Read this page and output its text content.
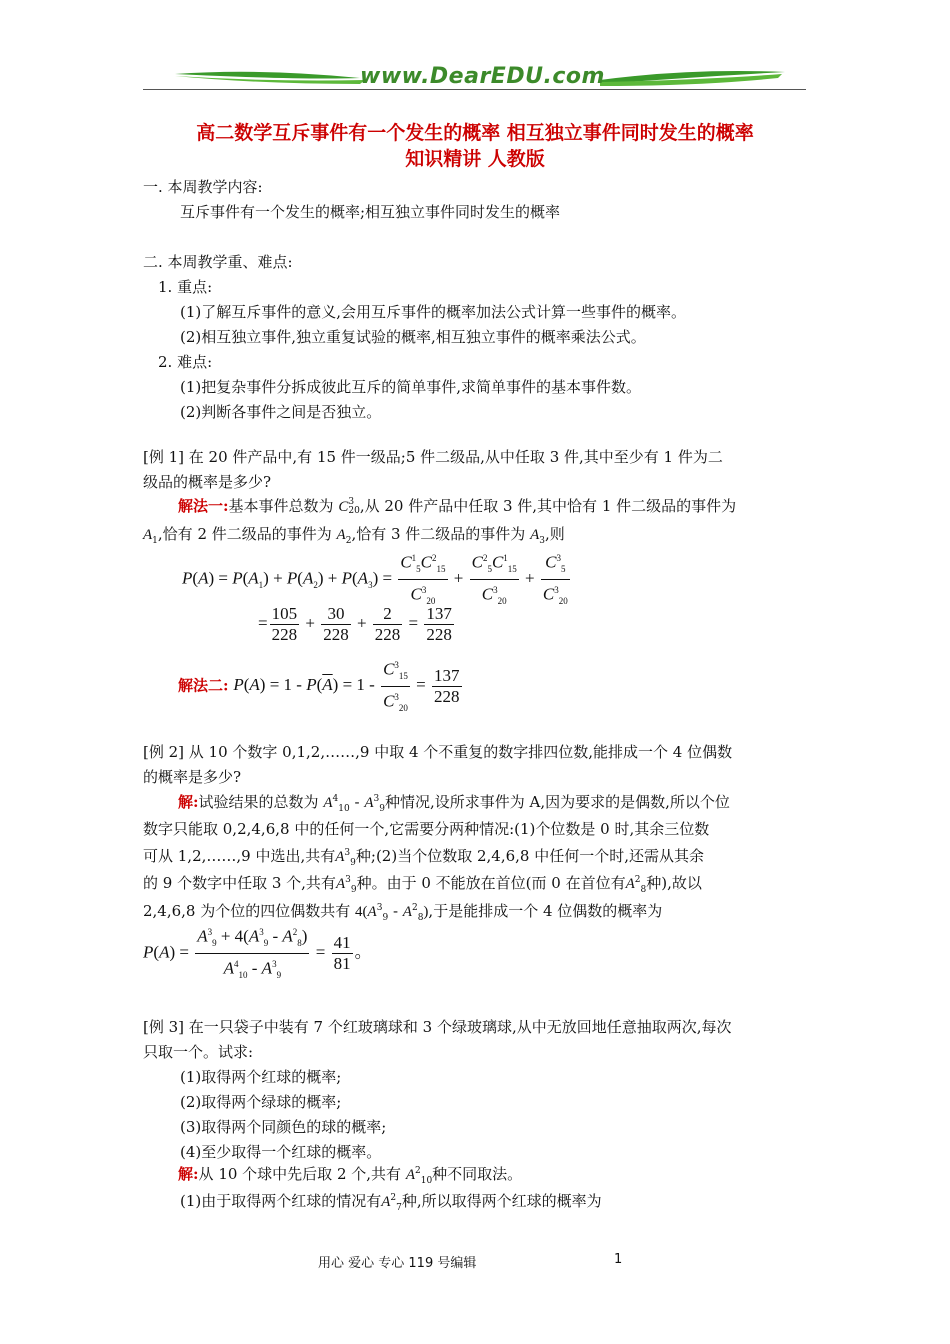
www.DearEDU.com
高二数学互斥事件有一个发生的概率 相互独立事件同时发生的概率
知识精讲 人教版
一. 本周教学内容:
互斥事件有一个发生的概率;相互独立事件同时发生的概率
二. 本周教学重、难点:
1. 重点:
(1)了解互斥事件的意义,会用互斥事件的概率加法公式计算一些事件的概率。
(2)相互独立事件,独立重复试验的概率,相互独立事件的概率乘法公式。
2. 难点:
(1)把复杂事件分拆成彼此互斥的简单事件,求简单事件的基本事件数。
(2)判断各事件之间是否独立。
[例 1] 在 20 件产品中,有 15 件一级品;5 件二级品,从中任取 3 件,其中至少有 1 件为二
级品的概率是多少?
解法一:基本事件总数为 C 3
20 ,从 20 件产品中任取 3 件,其中恰有 1 件二级品的事件为
$A_1$,恰有 2 件二级品的事件为 $A_2$,恰有 3 件二级品的事件为 $A_3$,则
$P(A) = P(A_1) + P(A_2) + P(A_3) = \frac{C^1_5C^2_{15}}{C^3_{20}} + \frac{C^2_5C^1_{15}}{C^3_{20}} + \frac{C^3_5}{C^3_{20}}$
= $\frac{105}{228} + \frac{30}{228} + \frac{2}{228} = \frac{137}{228}$
解法二: $P(A) = 1 - P(\overline{A}) = 1 - \frac{C^3_{15}}{C^3_{20}} = \frac{137}{228}$
[例 2] 从 10 个数字 0,1,2,……,9 中取 4 个不重复的数字排四位数,能排成一个 4 位偶数
的概率是多少?
解:试验结果的总数为 $A^4_{10} - A^3_9$种情况,设所求事件为 A,因为要求的是偶数,所以个位
数字只能取 0,2,4,6,8 中的任何一个,它需要分两种情况:(1)个位数是 0 时,其余三位数
可从 1,2,……,9 中选出,共有$A^3_9$种;(2)当个位数取 2,4,6,8 中任何一个时,还需从其余
的 9 个数字中任取 3 个,共有$A^3_9$种。由于 0 不能放在首位(而 0 在首位有$A^2_8$种),故以
2,4,6,8 为个位的四位偶数共有 $4(A^3_9 - A^2_8)$,于是能排成一个 4 位偶数的概率为
$P(A) = \frac{A^3_9 + 4(A^3_9 - A^2_8)}{A^4_{10} - A^3_9} = \frac{41}{81}$ 。
[例 3] 在一只袋子中装有 7 个红玻璃球和 3 个绿玻璃球,从中无放回地任意抽取两次,每次
只取一个。试求:
(1)取得两个红球的概率;
(2)取得两个绿球的概率;
(3)取得两个同颜色的球的概率;
(4)至少取得一个红球的概率。
解:从 10 个球中先后取 2 个,共有 $A^2_{10}$种不同取法。
(1)由于取得两个红球的情况有$A^2_7$种,所以取得两个红球的概率为
用心 爱心 专心 119 号编辑	1
